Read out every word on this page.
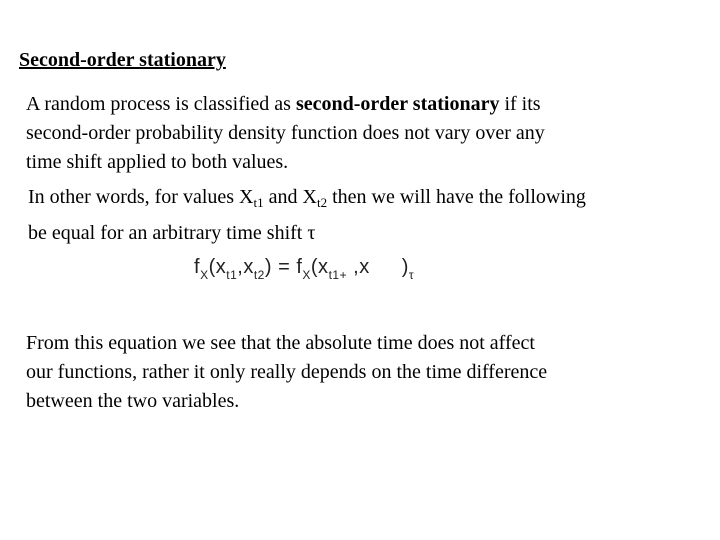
Second-order stationary
A random process is classified as second-order stationary if its
second-order probability density function does not vary over any
time shift applied to both values.
In other words, for values $X_{t1}$ and $X_{t2}$ then we will have the following
be equal for an arbitrary time shift τ
$f_X(x_{t1},x_{t2}) = f_X(x_{t1+}$ ,x )$_\tau$
From this equation we see that the absolute time does not affect
our functions, rather it only really depends on the time difference
between the two variables.
